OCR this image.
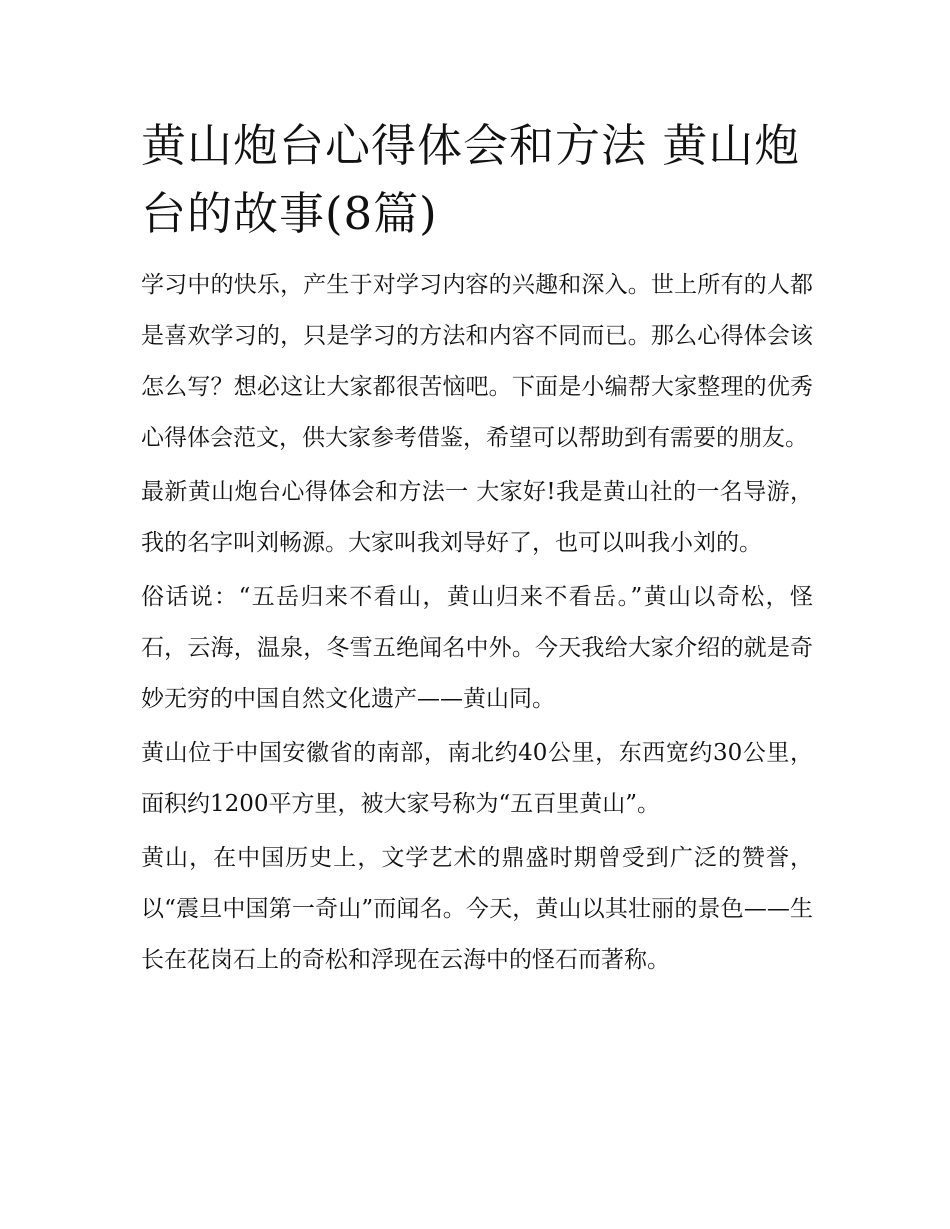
黄山炮台心得体会和方法 黄山炮台的故事(8篇)

学习中的快乐，产生于对学习内容的兴趣和深入。世上所有的人都是喜欢学习的，只是学习的方法和内容不同而已。那么心得体会该怎么写？想必这让大家都很苦恼吧。下面是小编帮大家整理的优秀心得体会范文，供大家参考借鉴，希望可以帮助到有需要的朋友。

最新黄山炮台心得体会和方法一 大家好!我是黄山社的一名导游，我的名字叫刘畅源。大家叫我刘导好了，也可以叫我小刘的。

俗话说：“五岳归来不看山，黄山归来不看岳。”黄山以奇松，怪石，云海，温泉，冬雪五绝闻名中外。今天我给大家介绍的就是奇妙无穷的中国自然文化遗产——黄山同。

黄山位于中国安徽省的南部，南北约40公里，东西宽约30公里，面积约1200平方里，被大家号称为“五百里黄山”。

黄山，在中国历史上，文学艺术的鼎盛时期曾受到广泛的赞誉，以“震旦中国第一奇山”而闻名。今天，黄山以其壮丽的景色——生长在花岗石上的奇松和浮现在云海中的怪石而著称。
